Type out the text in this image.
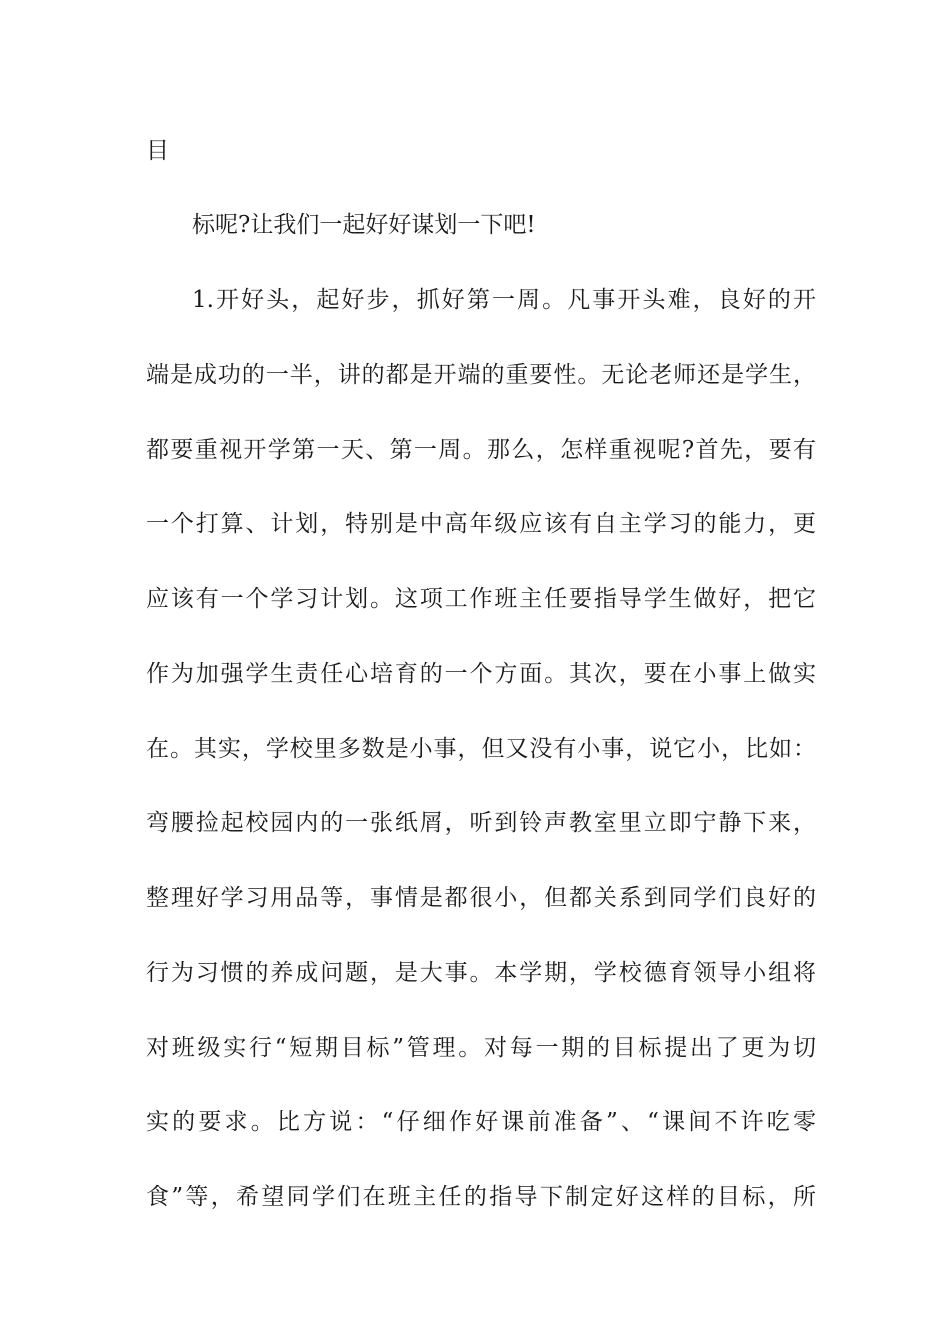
目
标呢?让我们一起好好谋划一下吧!
1.开好头，起好步，抓好第一周。凡事开头难，良好的开
端是成功的一半，讲的都是开端的重要性。无论老师还是学生，
都要重视开学第一天、第一周。那么，怎样重视呢?首先，要有
一个打算、计划，特别是中高年级应该有自主学习的能力，更
应该有一个学习计划。这项工作班主任要指导学生做好，把它
作为加强学生责任心培育的一个方面。其次，要在小事上做实
在。其实，学校里多数是小事，但又没有小事，说它小，比如：
弯腰捡起校园内的一张纸屑，听到铃声教室里立即宁静下来，
整理好学习用品等，事情是都很小，但都关系到同学们良好的
行为习惯的养成问题，是大事。本学期，学校德育领导小组将
对班级实行“短期目标”管理。对每一期的目标提出了更为切
实的要求。比方说：“仔细作好课前准备”、“课间不许吃零
食”等，希望同学们在班主任的指导下制定好这样的目标，所
